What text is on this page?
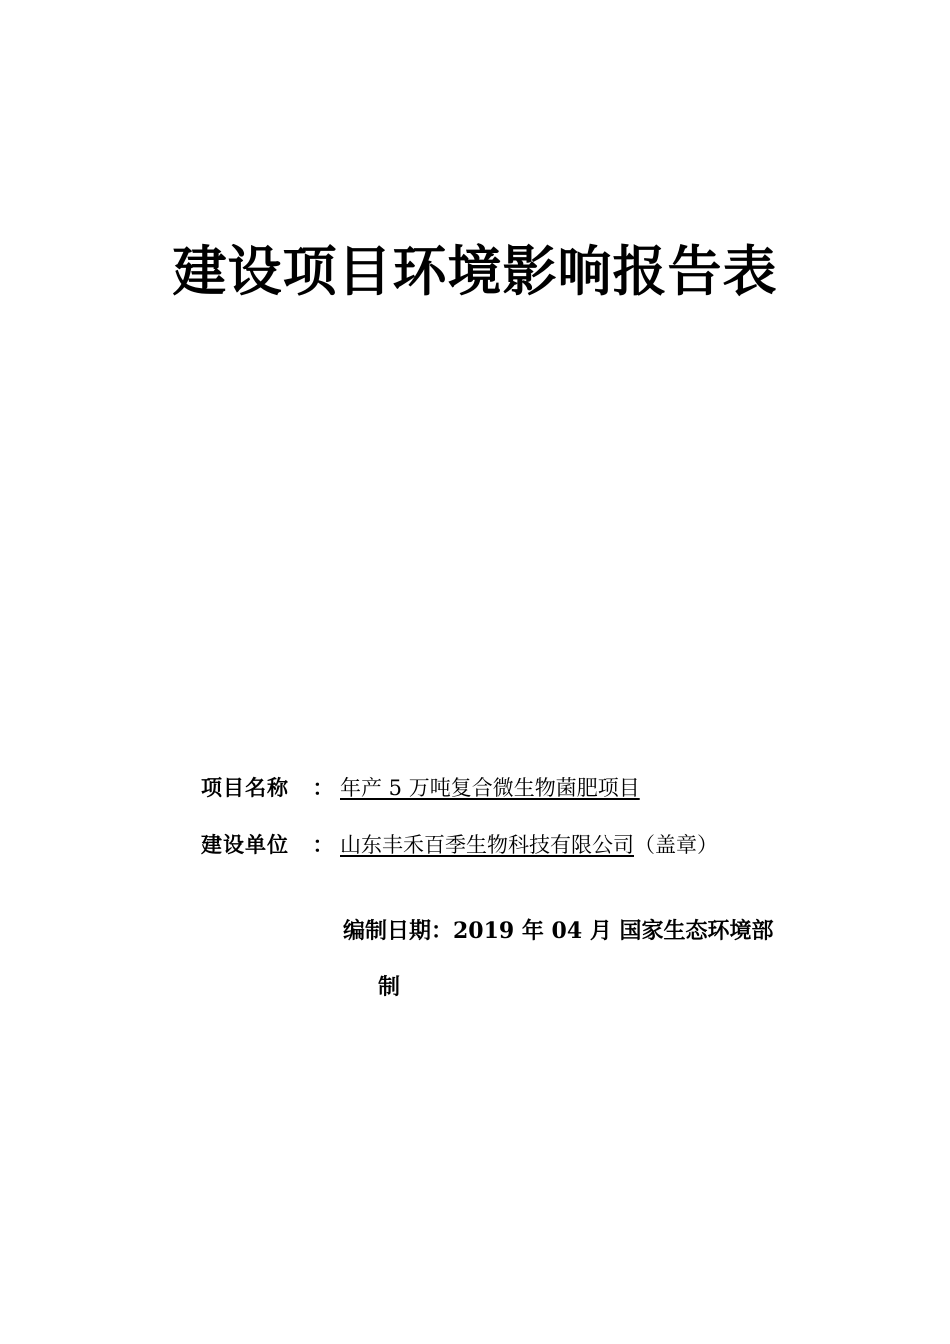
建设项目环境影响报告表
项目名称 ： 年产 5 万吨复合微生物菌肥项目
建设单位 ： 山东丰禾百季生物科技有限公司（盖章）
编制日期：2019 年 04 月 国家生态环境部
制
